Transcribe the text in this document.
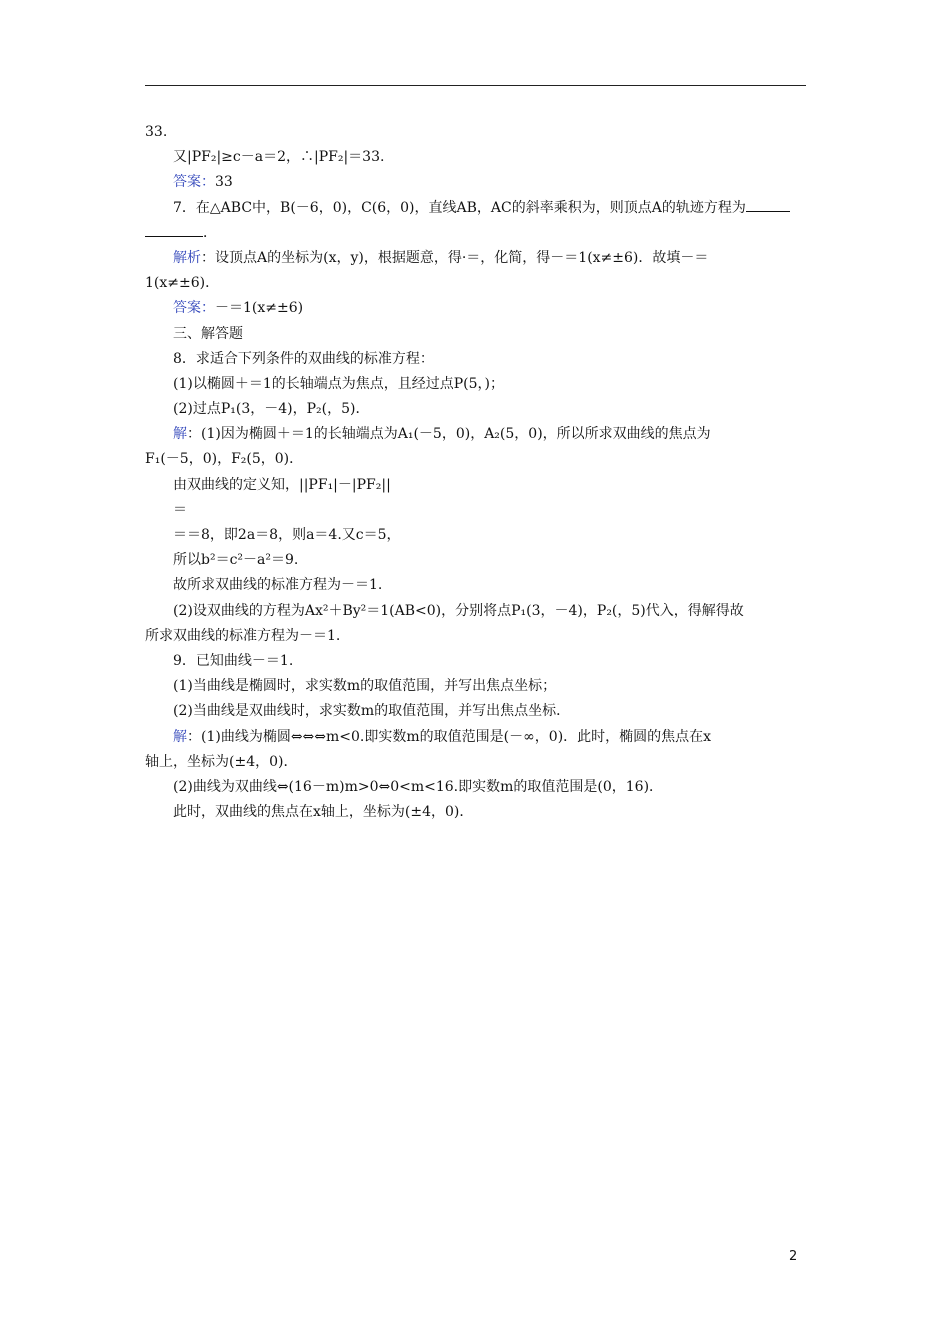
33.
又|PF₂|≥c－a＝2，∴|PF₂|＝33.
答案：33
7．在△ABC中，B(－6，0)，C(6，0)，直线AB，AC的斜率乘积为，则顶点A的轨迹方程为
．
解析：设顶点A的坐标为(x，y)，根据题意，得·＝，化简，得－＝1(x≠±6)．故填－＝
1(x≠±6)．
答案：－＝1(x≠±6)
三、解答题
8．求适合下列条件的双曲线的标准方程：
(1)以椭圆＋＝1的长轴端点为焦点，且经过点P(5，)；
(2)过点P₁(3，－4)，P₂(，5)．
解：(1)因为椭圆＋＝1的长轴端点为A₁(－5，0)，A₂(5，0)，所以所求双曲线的焦点为
F₁(－5，0)，F₂(5，0)．
由双曲线的定义知，||PF₁|－|PF₂||
＝
＝＝8，即2a＝8，则a＝4.又c＝5，
所以b²＝c²－a²＝9.
故所求双曲线的标准方程为－＝1.
(2)设双曲线的方程为Ax²＋By²＝1(AB<0)，分别将点P₁(3，－4)，P₂(，5)代入，得解得故
所求双曲线的标准方程为－＝1.
9．已知曲线－＝1.
(1)当曲线是椭圆时，求实数m的取值范围，并写出焦点坐标；
(2)当曲线是双曲线时，求实数m的取值范围，并写出焦点坐标．
解：(1)曲线为椭圆⇔⇔⇔m<0.即实数m的取值范围是(－∞，0)．此时，椭圆的焦点在x
轴上，坐标为(±4，0)．
(2)曲线为双曲线⇔(16－m)m>0⇔0<m<16.即实数m的取值范围是(0，16)．
此时，双曲线的焦点在x轴上，坐标为(±4，0)．
2
